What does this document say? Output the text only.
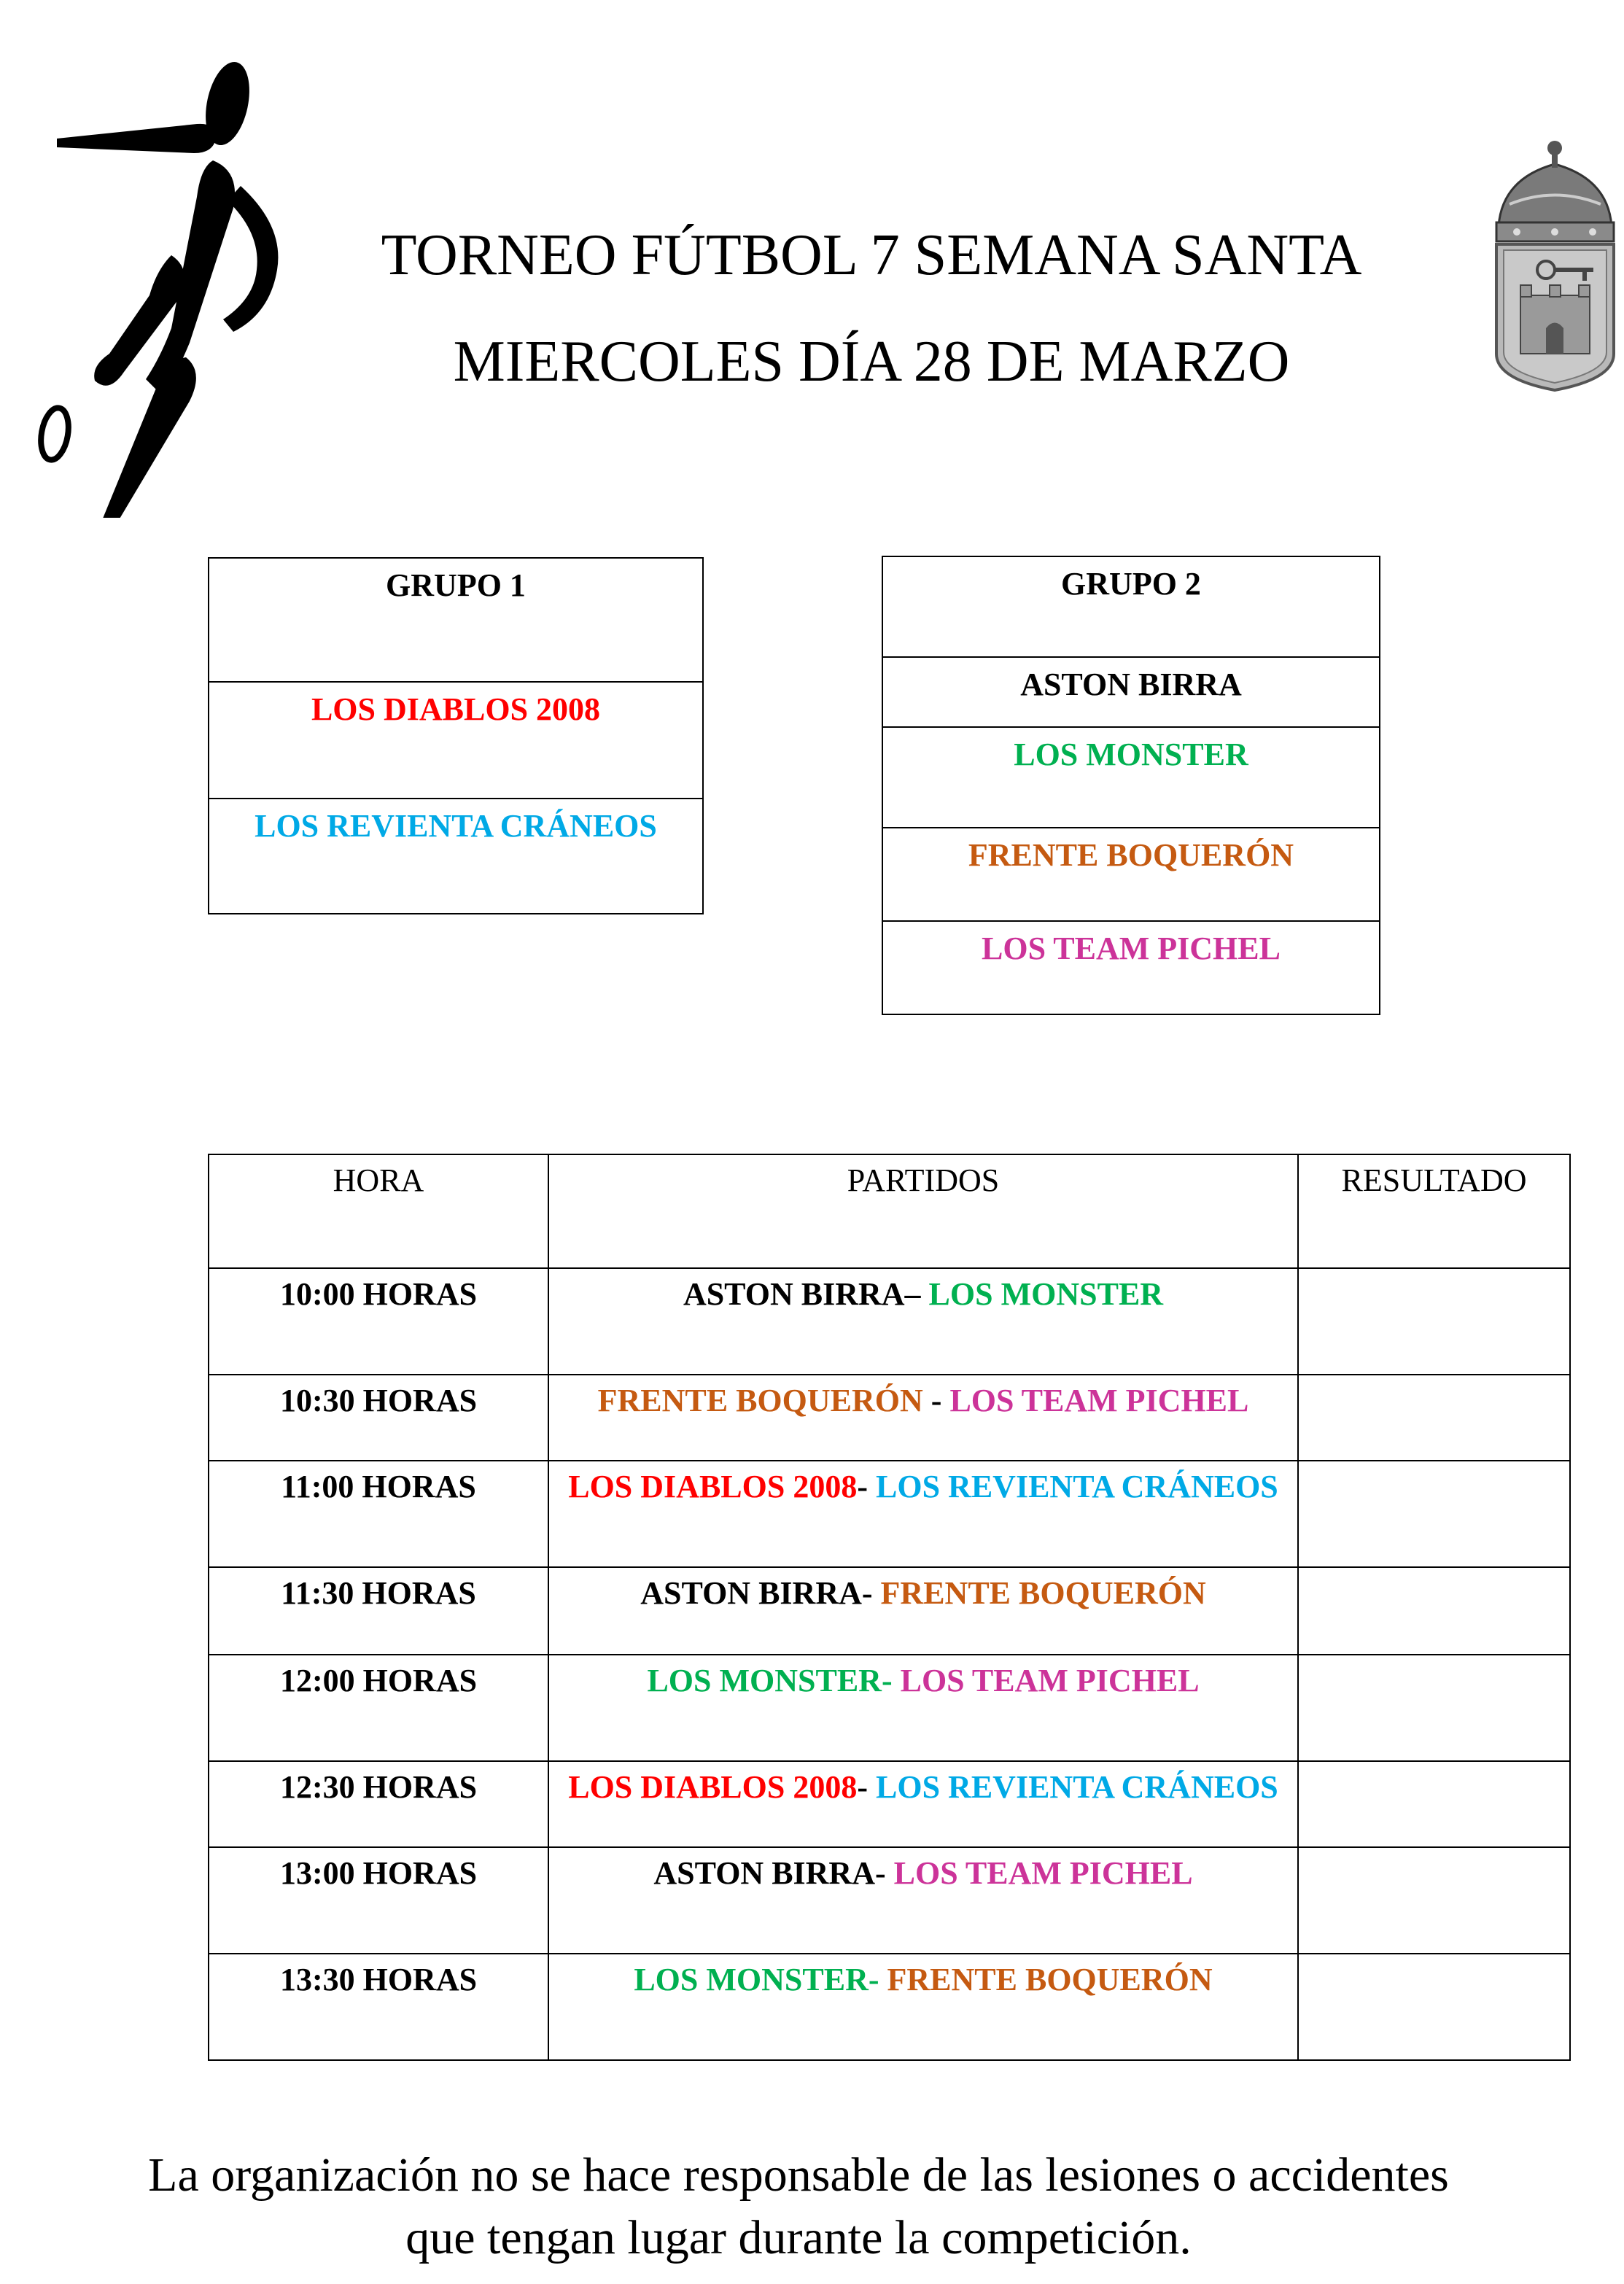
TORNEO FÚTBOL 7 SEMANA SANTA
MIERCOLES DÍA 28 DE MARZO
GRUPO 1
LOS DIABLOS 2008
LOS REVIENTA CRÁNEOS
GRUPO 2
ASTON BIRRA
LOS MONSTER
FRENTE BOQUERÓN
LOS TEAM PICHEL
HORA	PARTIDOS	RESULTADO
10:00 HORAS	ASTON BIRRA– LOS MONSTER	
10:30 HORAS	FRENTE BOQUERÓN - LOS TEAM PICHEL	
11:00 HORAS	LOS DIABLOS 2008- LOS REVIENTA CRÁNEOS	
11:30 HORAS	ASTON BIRRA- FRENTE BOQUERÓN	
12:00 HORAS	LOS MONSTER- LOS TEAM PICHEL	
12:30 HORAS	LOS DIABLOS 2008- LOS REVIENTA CRÁNEOS	
13:00 HORAS	ASTON BIRRA- LOS TEAM PICHEL	
13:30 HORAS	LOS MONSTER- FRENTE BOQUERÓN	
La organización no se hace responsable de las lesiones o accidentes que tengan lugar durante la competición.
